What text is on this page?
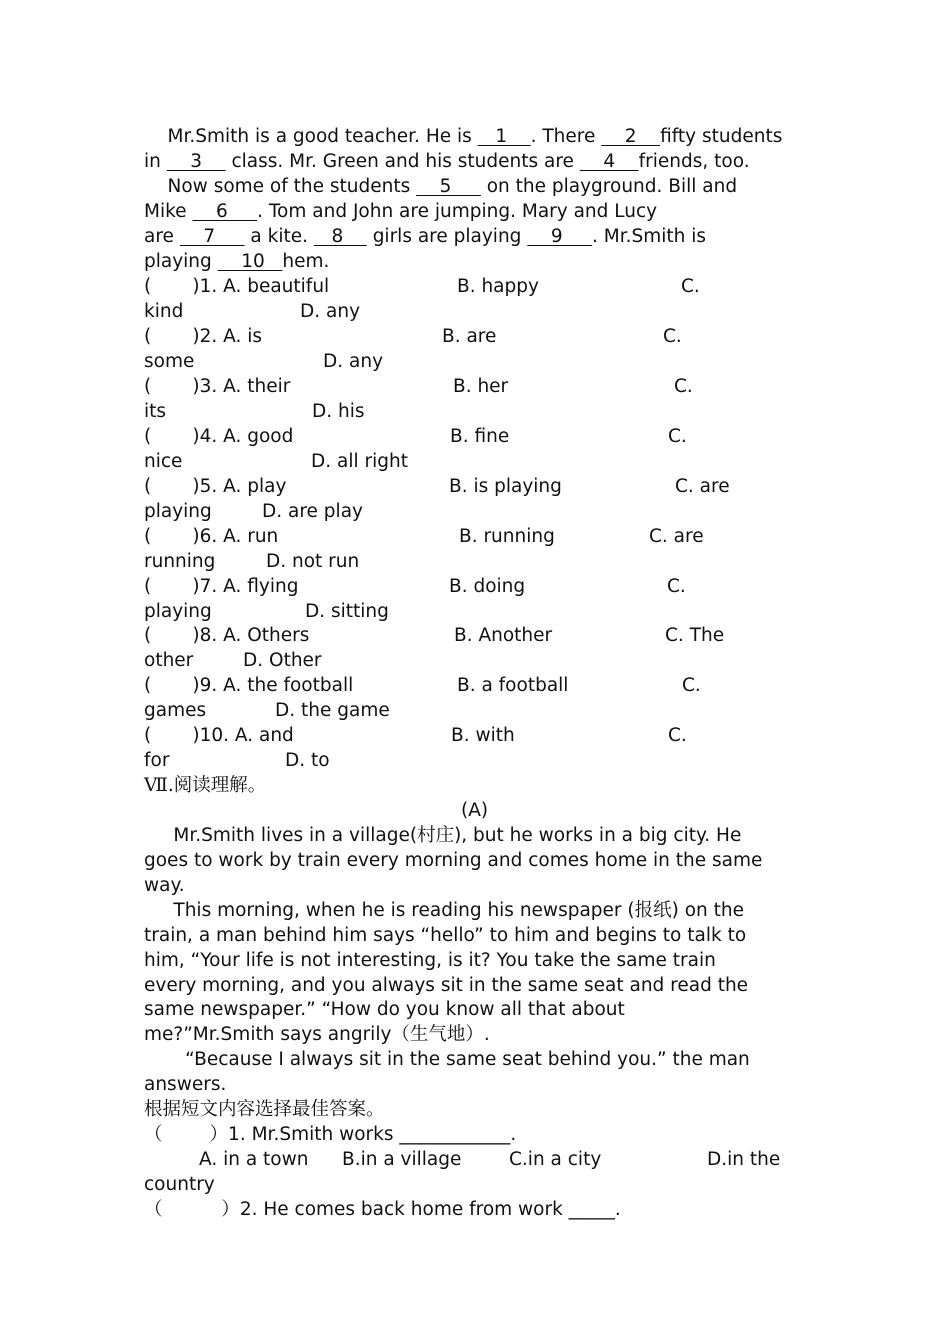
Mr.Smith is a good teacher. He is    1    . There     2    fifty students
in     3     class. Mr. Green and his students are     4    friends, too.
Now some of the students     5      on the playground. Bill and
Mike     6     . Tom and John are jumping. Mary and Lucy
are     7      a kite.    8     girls are playing     9     . Mr.Smith is
playing     10   hem.
(       )1. A. beautiful	B. happy	C.
kind	D. any
(       )2. A. is	B. are	C.
some	D. any
(       )3. A. their	B. her	C.
its	D. his
(       )4. A. good	B. fine	C.
nice	D. all right
(       )5. A. play	B. is playing	C. are
playing	D. are play
(       )6. A. run	B. running	C. are
running	D. not run
(       )7. A. flying	B. doing	C.
playing	D. sitting
(       )8. A. Others	B. Another	C. The
other	D. Other
(       )9. A. the football	B. a football	C.
games	D. the game
(       )10. A. and	B. with	C.
for	D. to
Ⅶ.阅读理解。
(A)
Mr.Smith lives in a village(村庄), but he works in a big city. He
goes to work by train every morning and comes home in the same
way.
This morning, when he is reading his newspaper (报纸) on the
train, a man behind him says “hello” to him and begins to talk to
him, “Your life is not interesting, is it? You take the same train
every morning, and you always sit in the same seat and read the
same newspaper.” “How do you know all that about
me?”Mr.Smith says angrily（生气地）.
“Because I always sit in the same seat behind you.” the man
answers.
根据短文内容选择最佳答案。
（        ）1. Mr.Smith works ____________.
A. in a town B.in a village	C.in a city	D.in the
country
（          ）2. He comes back home from work _____.
